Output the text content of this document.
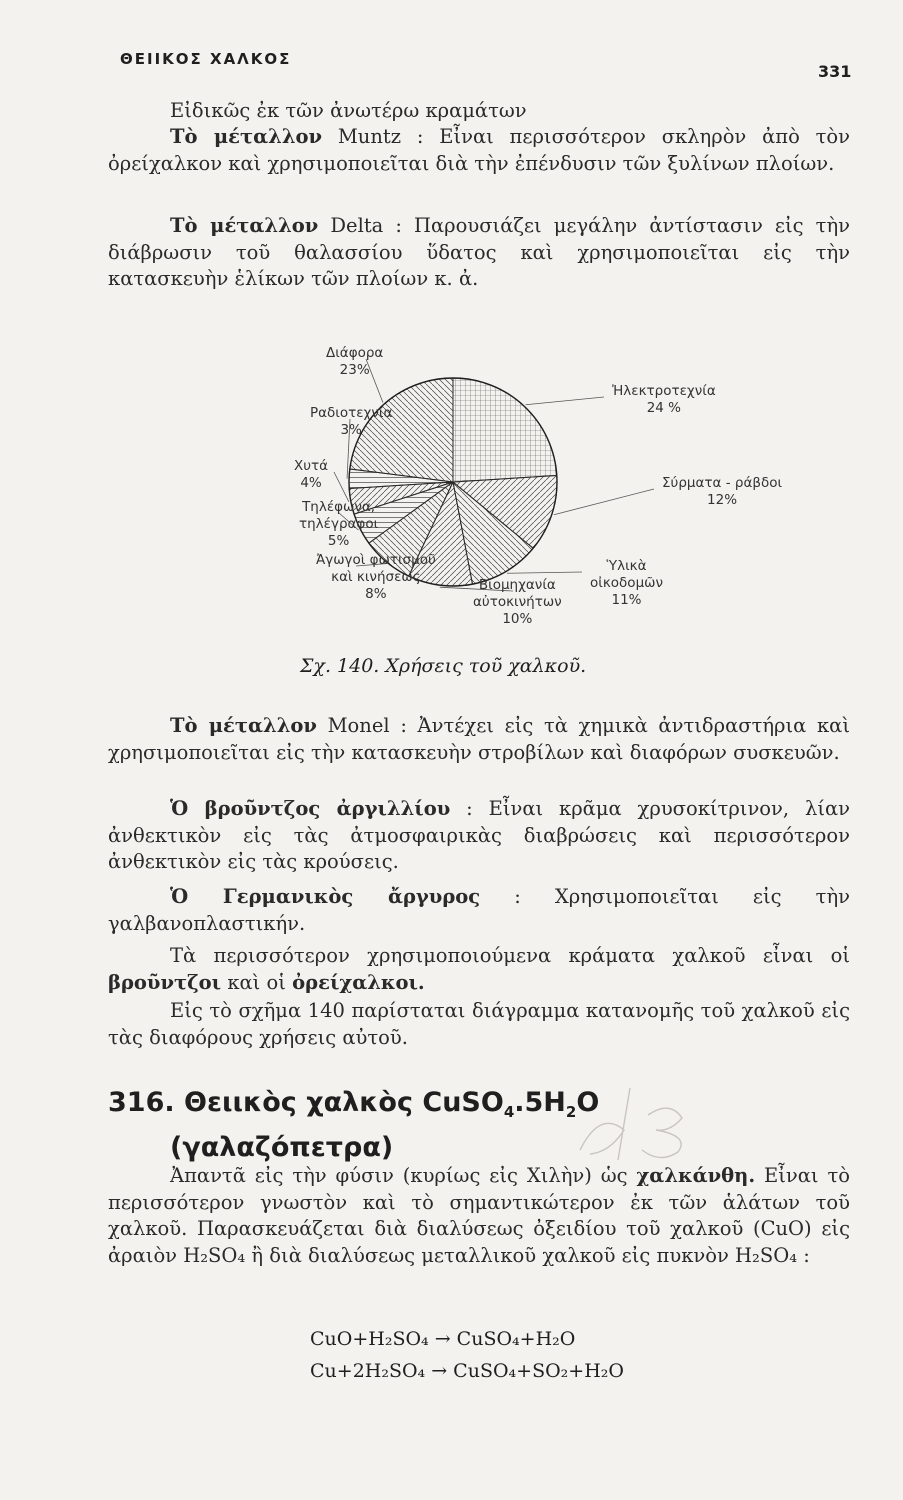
ΘΕΙΙΚΟΣ ΧΑΛΚΟΣ
331

Εἰδικῶς ἐκ τῶν ἀνωτέρω κραμάτων

Τὸ μέταλλον Muntz : Εἶναι περισσότερον σκληρὸν ἀπὸ τὸν ὀρείχαλκον καὶ χρησιμοποιεῖται διὰ τὴν ἐπένδυσιν τῶν ξυλίνων πλοίων.

Τὸ μέταλλον Delta : Παρουσιάζει μεγάλην ἀντίστασιν εἰς τὴν διάβρωσιν τοῦ θαλασσίου ὕδατος καὶ χρησιμοποιεῖται εἰς τὴν κατασκευὴν ἑλίκων τῶν πλοίων κ. ἀ.

Ἠλεκτροτεχνία
24 %
Σύρματα - ράβδοι
12%
Ὑλικὰ
οἰκοδομῶν
11%
Βιομηχανία
αὐτοκινήτων
10%
Ἀγωγοὶ φωτισμοῦ
καὶ κινήσεως
8%
Τηλέφωνα,
τηλέγραφοι
5%
Χυτά
4%
Ραδιοτεχνία
3%
Διάφορα
23%
Σχ. 140. Χρήσεις τοῦ χαλκοῦ.

Τὸ μέταλλον Monel : Ἀντέχει εἰς τὰ χημικὰ ἀντιδραστήρια καὶ χρησιμοποιεῖται εἰς τὴν κατασκευὴν στροβίλων καὶ διαφόρων συσκευῶν.

Ὁ βροῦντζος ἀργιλλίου : Εἶναι κρᾶμα χρυσοκίτρινον, λίαν ἀνθεκτικὸν εἰς τὰς ἀτμοσφαιρικὰς διαβρώσεις καὶ περισσότερον ἀνθεκτικὸν εἰς τὰς κρούσεις.

Ὁ Γερμανικὸς ἄργυρος : Χρησιμοποιεῖται εἰς τὴν γαλβανοπλαστικήν.

Τὰ περισσότερον χρησιμοποιούμενα κράματα χαλκοῦ εἶναι οἱ βροῦντζοι καὶ οἱ ὀρείχαλκοι.

Εἰς τὸ σχῆμα 140 παρίσταται διάγραμμα κατανομῆς τοῦ χαλκοῦ εἰς τὰς διαφόρους χρήσεις αὐτοῦ.

316. Θειικὸς χαλκὸς $CuSO_4.5H_2O$
(γαλαζόπετρα)

Ἀπαντᾶ εἰς τὴν φύσιν (κυρίως εἰς Χιλὴν) ὡς χαλκάνθη. Εἶναι τὸ περισσότερον γνωστὸν καὶ τὸ σημαντικώτερον ἐκ τῶν ἁλάτων τοῦ χαλκοῦ. Παρασκευάζεται διὰ διαλύσεως ὀξειδίου τοῦ χαλκοῦ (CuO) εἰς ἀραιὸν H₂SO₄ ἢ διὰ διαλύσεως μεταλλικοῦ χαλκοῦ εἰς πυκνὸν H₂SO₄ :

CuO+H₂SO₄ → CuSO₄+H₂O
Cu+2H₂SO₄ → CuSO₄+SO₂+H₂O
